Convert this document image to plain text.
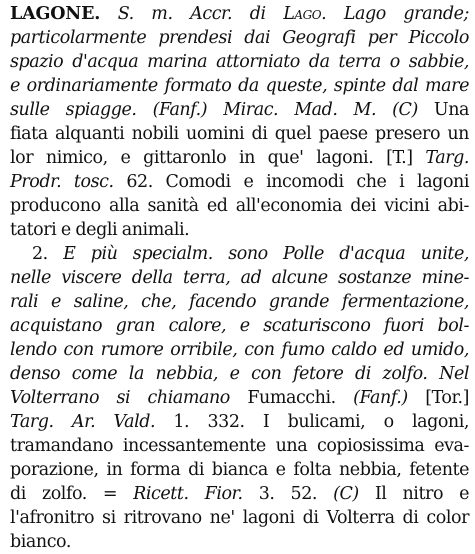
LAGONE. S. m. Accr. di Lago. Lago grande;
particolarmente prendesi dai Geografi per Piccolo
spazio d'acqua marina attorniato da terra o sabbie,
e ordinariamente formato da queste, spinte dal mare
sulle spiagge. (Fanf.) Mirac. Mad. M. (C) Una
fiata alquanti nobili uomini di quel paese presero un
lor nimico, e gittaronlo in que' lagoni. [T.] Targ.
Prodr. tosc. 62. Comodi e incomodi che i lagoni
producono alla sanità ed all'economia dei vicini abi-
tatori e degli animali.
2. E più specialm. sono Polle d'acqua unite,
nelle viscere della terra, ad alcune sostanze mine-
rali e saline, che, facendo grande fermentazione,
acquistano gran calore, e scaturiscono fuori bol-
lendo con rumore orribile, con fumo caldo ed umido,
denso come la nebbia, e con fetore di zolfo. Nel
Volterrano si chiamano Fumacchi. (Fanf.) [Tor.]
Targ. Ar. Vald. 1. 332. I bulicami, o lagoni,
tramandano incessantemente una copiosissima eva-
porazione, in forma di bianca e folta nebbia, fetente
di zolfo. = Ricett. Fior. 3. 52. (C) Il nitro e
l'afronitro si ritrovano ne' lagoni di Volterra di color
bianco.
